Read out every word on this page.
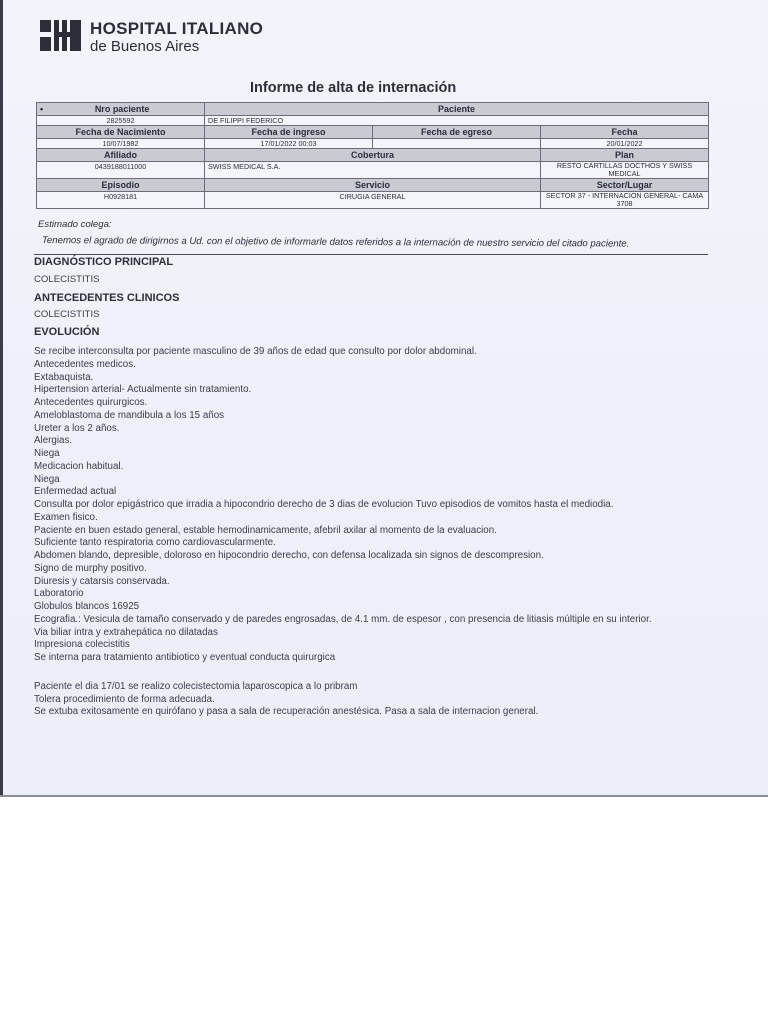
HOSPITAL ITALIANO
de Buenos Aires
Informe de alta de internación
• Nro paciente	Paciente		
2825592	DE FILIPPI FEDERICO		
Fecha de Nacimiento	Fecha de ingreso	Fecha de egreso	Fecha
10/07/1982	17/01/2022 00:03		20/01/2022
Afiliado	Cobertura		Plan
0439188011000	SWISS MEDICAL S.A.		RESTO CARTILLAS DOCTHOS Y SWISS MEDICAL
Episodio	Servicio		Sector/Lugar
H0928181	CIRUGIA GENERAL		SECTOR 37 - INTERNACION GENERAL- CAMA 3708
Estimado colega:
Tenemos el agrado de dirigirnos a Ud. con el objetivo de informarle datos referidos a la internación de nuestro servicio del citado paciente.
DIAGNÓSTICO PRINCIPAL
COLECISTITIS
ANTECEDENTES CLINICOS
COLECISTITIS
EVOLUCIÓN
Se recibe interconsulta por paciente masculino de 39 años de edad que consulto por dolor abdominal.
Antecedentes medicos.
Extabaquista.
Hipertension arterial- Actualmente sin tratamiento.
Antecedentes quirurgicos.
Ameloblastoma de mandibula a los 15 años
Ureter a los 2 años.
Alergias.
Niega
Medicacion habitual.
Niega
Enfermedad actual
Consulta por dolor epigástrico que irradia a hipocondrio derecho de 3 dias de evolucion Tuvo episodios de vomitos hasta el mediodia.
Examen fisico.
Paciente en buen estado general, estable hemodinamicamente, afebril axilar al momento de la evaluacion.
Suficiente tanto respiratoria como cardiovascularmente.
Abdomen blando, depresible, doloroso en hipocondrio derecho, con defensa localizada sin signos de descompresion.
Signo de murphy positivo.
Diuresis y catarsis conservada.
Laboratorio
Globulos blancos 16925
Ecografia.: Vesicula de tamaño conservado y de paredes engrosadas, de 4.1 mm. de espesor , con presencia de litiasis múltiple en su interior.
Via biliar intra y extrahepática no dilatadas
Impresiona colecistitis
Se interna para tratamiento antibiotico y eventual conducta quirurgica
Paciente el dia 17/01 se realizo colecistectomia laparoscopica a lo pribram
Tolera procedimiento de forma adecuada.
Se extuba exitosamente en quirófano y pasa a sala de recuperación anestésica. Pasa a sala de internacion general.
